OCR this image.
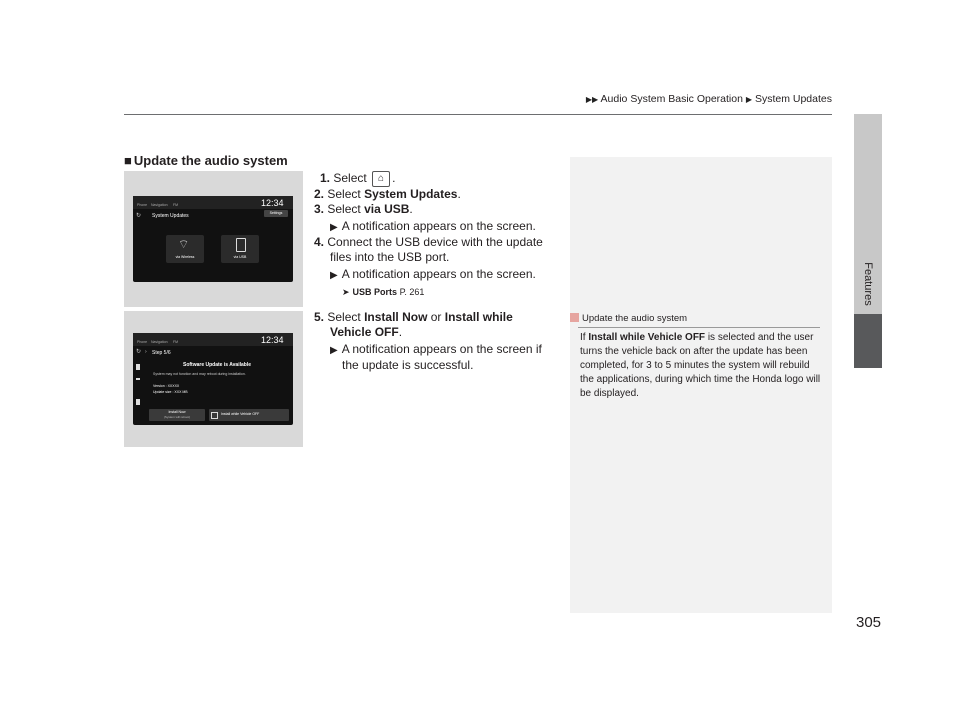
▶▶ Audio System Basic Operation ▶ System Updates
Features
■ Update the audio system
Phone Navigation FM	12:34
↻ System Updates	Settings
⌔
via Wireless	via USB
Phone Navigation FM	12:34
↻ › Step 5/6
Software Update is Available
System may not function and may reboot during installation.
Version : XXXXX
Update size : XXX MB
Install Now
(System will reboot)
Install while Vehicle OFF
1. Select ⌂ .
2. Select System Updates.
3. Select via USB.
▶ A notification appears on the screen.
4. Connect the USB device with the update
files into the USB port.
▶ A notification appears on the screen.
➤ USB Ports P. 261
5. Select Install Now or Install while
Vehicle OFF.
▶ A notification appears on the screen if
the update is successful.
Update the audio system
If Install while Vehicle OFF is selected and the user turns the vehicle back on after the update has been completed, for 3 to 5 minutes the system will rebuild the applications, during which time the Honda logo will be displayed.
305
